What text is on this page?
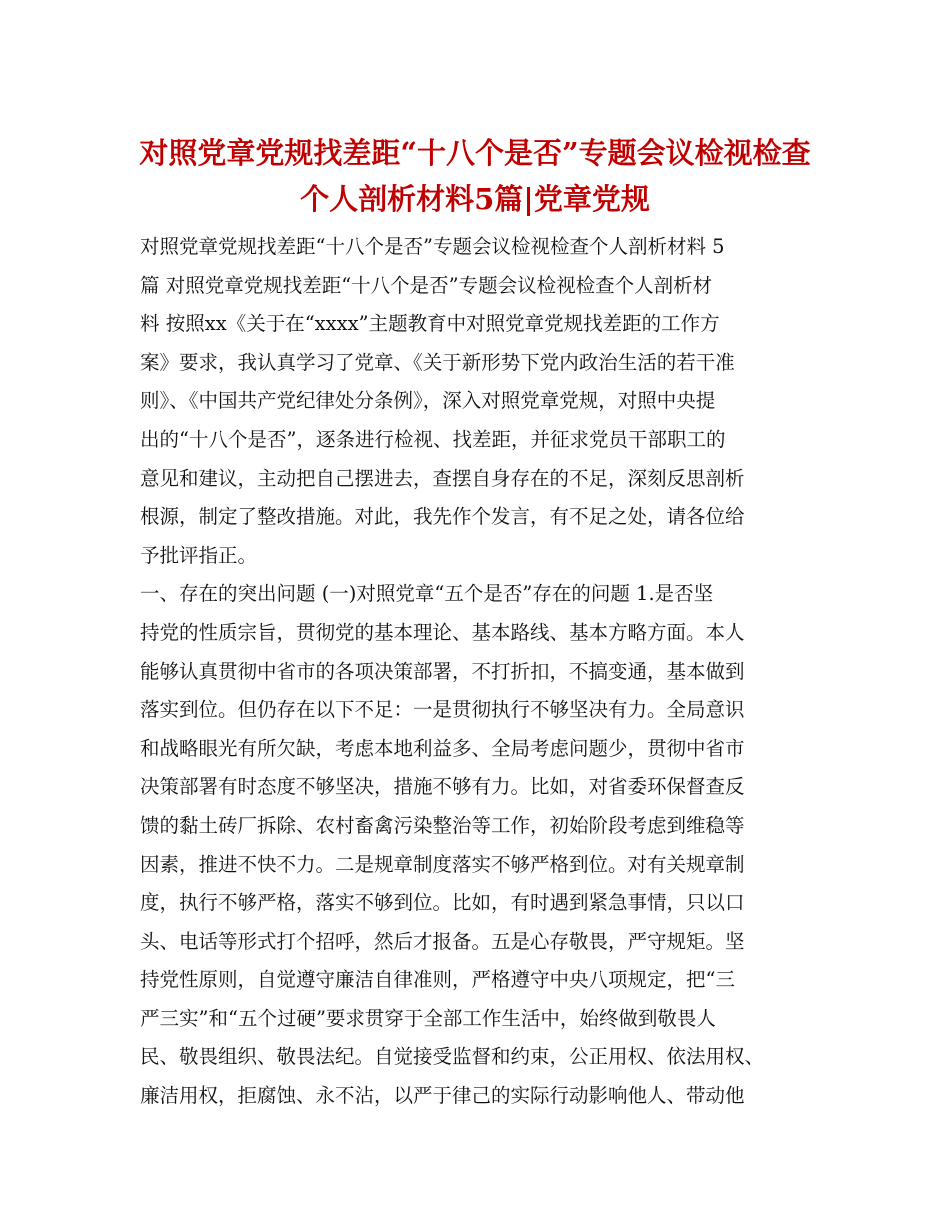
对照党章党规找差距“十八个是否”专题会议检视检查
个人剖析材料5篇|党章党规
对照党章党规找差距“十八个是否”专题会议检视检查个人剖析材料 5
篇 对照党章党规找差距“十八个是否”专题会议检视检查个人剖析材
料 按照xx《关于在“xxxx”主题教育中对照党章党规找差距的工作方
案》要求，我认真学习了党章、《关于新形势下党内政治生活的若干准
则》、《中国共产党纪律处分条例》，深入对照党章党规，对照中央提
出的“十八个是否”，逐条进行检视、找差距，并征求党员干部职工的
意见和建议，主动把自己摆进去，查摆自身存在的不足，深刻反思剖析
根源，制定了整改措施。对此，我先作个发言，有不足之处，请各位给
予批评指正。
一、存在的突出问题 (一)对照党章“五个是否”存在的问题 1.是否坚
持党的性质宗旨，贯彻党的基本理论、基本路线、基本方略方面。本人
能够认真贯彻中省市的各项决策部署，不打折扣，不搞变通，基本做到
落实到位。但仍存在以下不足：一是贯彻执行不够坚决有力。全局意识
和战略眼光有所欠缺，考虑本地利益多、全局考虑问题少，贯彻中省市
决策部署有时态度不够坚决，措施不够有力。比如，对省委环保督查反
馈的黏土砖厂拆除、农村畜禽污染整治等工作，初始阶段考虑到维稳等
因素，推进不快不力。二是规章制度落实不够严格到位。对有关规章制
度，执行不够严格，落实不够到位。比如，有时遇到紧急事情，只以口
头、电话等形式打个招呼，然后才报备。五是心存敬畏，严守规矩。坚
持党性原则，自觉遵守廉洁自律准则，严格遵守中央八项规定，把“三
严三实”和“五个过硬”要求贯穿于全部工作生活中，始终做到敬畏人
民、敬畏组织、敬畏法纪。自觉接受监督和约束，公正用权、依法用权、
廉洁用权，拒腐蚀、永不沾，以严于律己的实际行动影响他人、带动他
